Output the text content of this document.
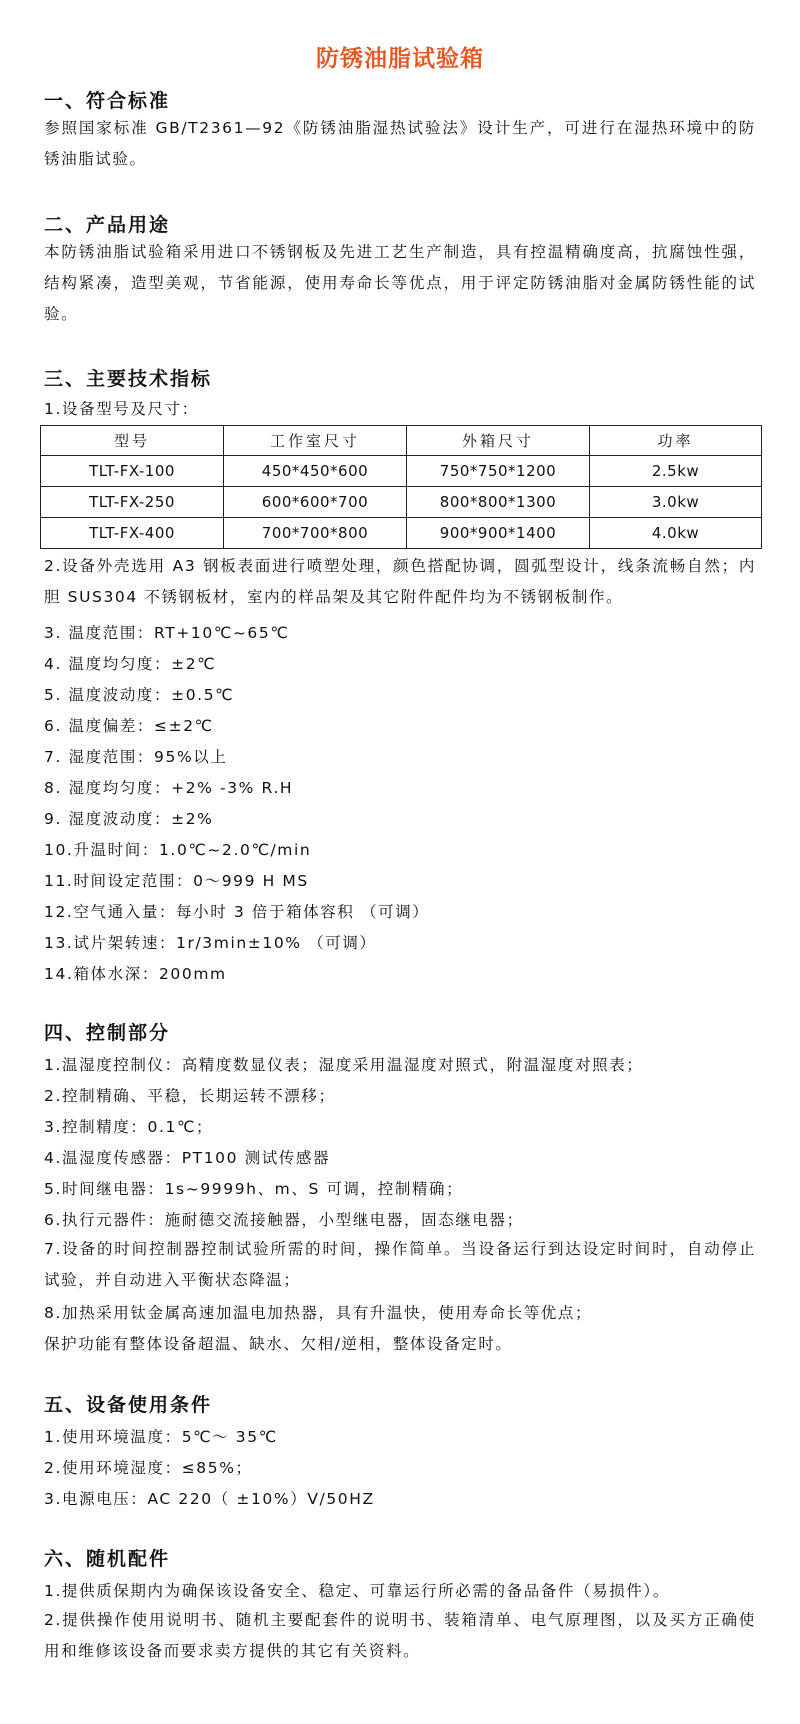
防锈油脂试验箱
一、符合标准
参照国家标准 GB/T2361—92《防锈油脂湿热试验法》设计生产，可进行在湿热环境中的防锈油脂试验。
二、产品用途
本防锈油脂试验箱采用进口不锈钢板及先进工艺生产制造，具有控温精确度高，抗腐蚀性强，结构紧凑，造型美观，节省能源，使用寿命长等优点，用于评定防锈油脂对金属防锈性能的试验。
三、主要技术指标
1.设备型号及尺寸：
型号	工作室尺寸	外箱尺寸	功率
TLT-FX-100	450*450*600	750*750*1200	2.5kw
TLT-FX-250	600*600*700	800*800*1300	3.0kw
TLT-FX-400	700*700*800	900*900*1400	4.0kw
2.设备外壳选用 A3 钢板表面进行喷塑处理，颜色搭配协调，圆弧型设计，线条流畅自然；内胆 SUS304 不锈钢板材，室内的样品架及其它附件配件均为不锈钢板制作。
3. 温度范围：RT+10℃~65℃
4. 温度均匀度：±2℃
5. 温度波动度：±0.5℃
6. 温度偏差：≤±2℃
7. 湿度范围：95%以上
8. 湿度均匀度：+2% -3% R.H
9. 湿度波动度：±2%
10.升温时间：1.0℃~2.0℃/min
11.时间设定范围：0～999 H MS
12.空气通入量：每小时 3 倍于箱体容积 （可调）
13.试片架转速：1r/3min±10% （可调）
14.箱体水深：200mm
四、控制部分
1.温湿度控制仪：高精度数显仪表；湿度采用温湿度对照式，附温湿度对照表；
2.控制精确、平稳，长期运转不漂移；
3.控制精度：0.1℃；
4.温湿度传感器：PT100 测试传感器
5.时间继电器：1s~9999h、m、S 可调，控制精确；
6.执行元器件：施耐德交流接触器，小型继电器，固态继电器；
7.设备的时间控制器控制试验所需的时间，操作简单。当设备运行到达设定时间时，自动停止试验，并自动进入平衡状态降温；
8.加热采用钛金属高速加温电加热器，具有升温快，使用寿命长等优点；
保护功能有整体设备超温、缺水、欠相/逆相，整体设备定时。
五、设备使用条件
1.使用环境温度：5℃～ 35℃
2.使用环境湿度：≤85%；
3.电源电压：AC 220（ ±10%）V/50HZ
六、随机配件
1.提供质保期内为确保该设备安全、稳定、可靠运行所必需的备品备件（易损件）。
2.提供操作使用说明书、随机主要配套件的说明书、装箱清单、电气原理图，以及买方正确使用和维修该设备而要求卖方提供的其它有关资料。
